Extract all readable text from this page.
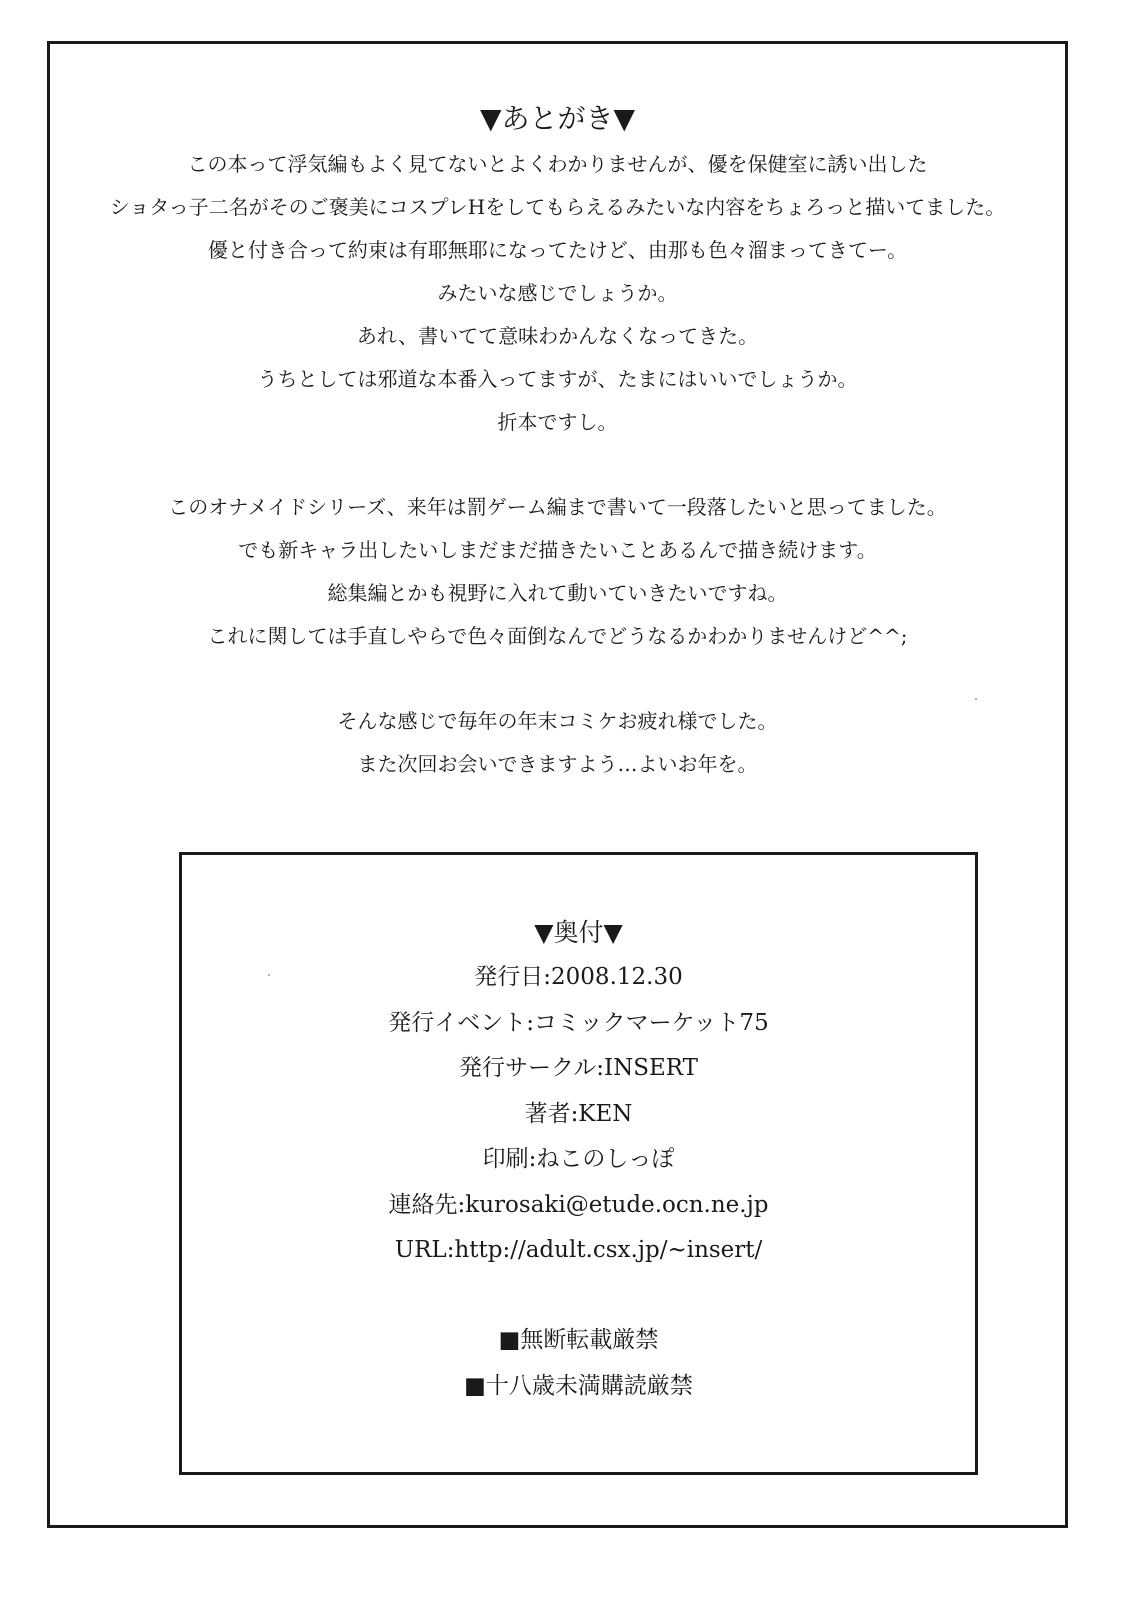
▼あとがき▼
この本って浮気編もよく見てないとよくわかりませんが、優を保健室に誘い出した
ショタっ子二名がそのご褒美にコスプレHをしてもらえるみたいな内容をちょろっと描いてました。
優と付き合って約束は有耶無耶になってたけど、由那も色々溜まってきてー。
みたいな感じでしょうか。
あれ、書いてて意味わかんなくなってきた。
うちとしては邪道な本番入ってますが、たまにはいいでしょうか。
折本ですし。
このオナメイドシリーズ、来年は罰ゲーム編まで書いて一段落したいと思ってました。
でも新キャラ出したいしまだまだ描きたいことあるんで描き続けます。
総集編とかも視野に入れて動いていきたいですね。
これに関しては手直しやらで色々面倒なんでどうなるかわかりませんけど^^;
そんな感じで毎年の年末コミケお疲れ様でした。
また次回お会いできますよう…よいお年を。
▼奥付▼
発行日:2008.12.30
発行イベント:コミックマーケット75
発行サークル:INSERT
著者:KEN
印刷:ねこのしっぽ
連絡先:kurosaki@etude.ocn.ne.jp
URL:http://adult.csx.jp/~insert/
■無断転載厳禁
■十八歳未満購読厳禁
